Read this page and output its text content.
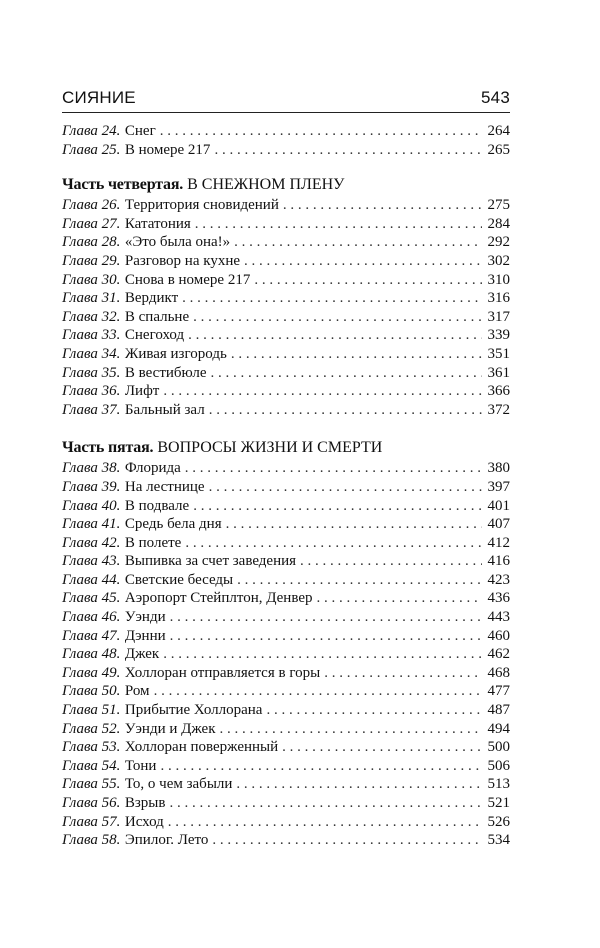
СИЯНИЕ	543
Глава 24. Снег . . .	264
Глава 25. В номере 217 . . .	265
Часть четвертая. В СНЕЖНОМ ПЛЕНУ
Глава 26. Территория сновидений . . .	275
Глава 27. Кататония . . .	284
Глава 28. «Это была она!» . . .	292
Глава 29. Разговор на кухне . . .	302
Глава 30. Снова в номере 217 . . .	310
Глава 31. Вердикт . . .	316
Глава 32. В спальне . . .	317
Глава 33. Снегоход . . .	339
Глава 34. Живая изгородь . . .	351
Глава 35. В вестибюле . . .	361
Глава 36. Лифт . . .	366
Глава 37. Бальный зал . . .	372
Часть пятая. ВОПРОСЫ ЖИЗНИ И СМЕРТИ
Глава 38. Флорида . . .	380
Глава 39. На лестнице . . .	397
Глава 40. В подвале . . .	401
Глава 41. Средь бела дня . . .	407
Глава 42. В полете . . .	412
Глава 43. Выпивка за счет заведения . . .	416
Глава 44. Светские беседы . . .	423
Глава 45. Аэропорт Стейплтон, Денвер . . .	436
Глава 46. Уэнди . . .	443
Глава 47. Дэнни . . .	460
Глава 48. Джек . . .	462
Глава 49. Холлоран отправляется в горы . . .	468
Глава 50. Ром . . .	477
Глава 51. Прибытие Холлорана . . .	487
Глава 52. Уэнди и Джек . . .	494
Глава 53. Холлоран поверженный . . .	500
Глава 54. Тони . . .	506
Глава 55. То, о чем забыли . . .	513
Глава 56. Взрыв . . .	521
Глава 57. Исход . . .	526
Глава 58. Эпилог. Лето . . .	534
